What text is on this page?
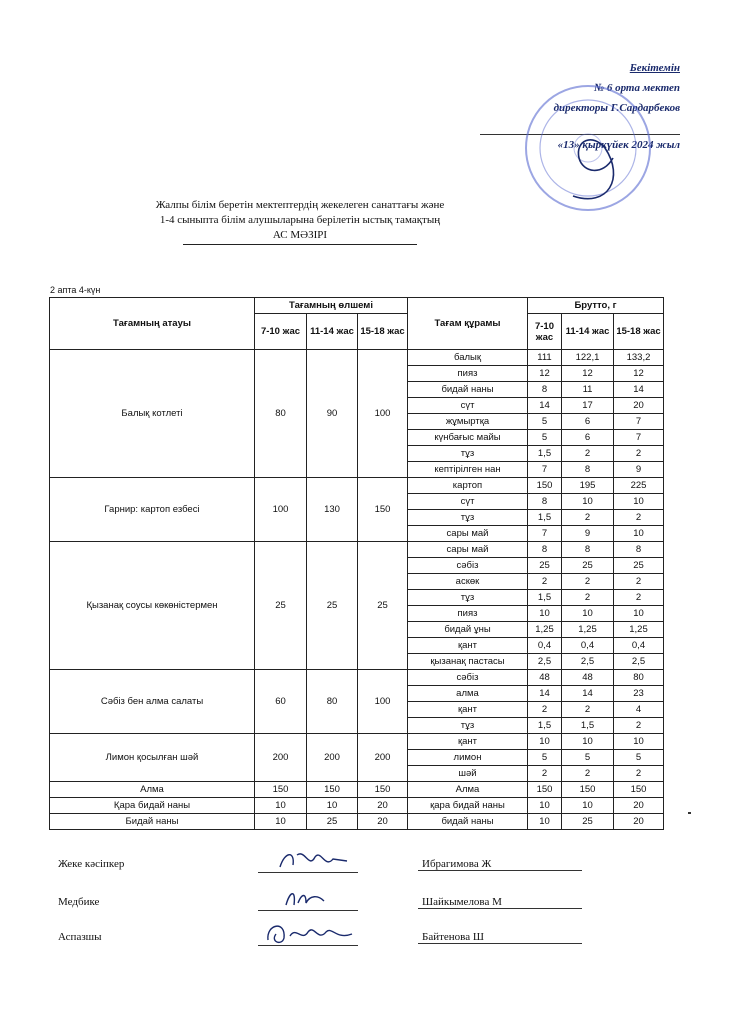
Бекітемін
№ 6 орта мектеп
директоры Г.Сардарбеков
«13» қыркүйек 2024 жыл
Жалпы білім беретін мектептердің жекелеген санаттағы және
1-4 сыныпта білім алушыларына берілетін ыстық тамақтың
АС МӘЗІРІ
2 апта 4-күн
Тағамның атауы	Тағамның өлшемі			Тағам құрамы	Брутто, г		
	7-10 жас	11-14 жас	15-18 жас		7-10 жас	11-14 жас	15-18 жас
Балық котлеті	80	90	100	балық	111	122,1	133,2
				пияз	12	12	12
				бидай наны	8	11	14
				сүт	14	17	20
				жұмыртқа	5	6	7
				күнбағыс майы	5	6	7
				тұз	1,5	2	2
				кептірілген нан	7	8	9
Гарнир: картоп езбесі	100	130	150	картоп	150	195	225
				сүт	8	10	10
				тұз	1,5	2	2
				сары май	7	9	10
Қызанақ соусы көкөністермен	25	25	25	сары май	8	8	8
				сәбіз	25	25	25
				аскөк	2	2	2
				тұз	1,5	2	2
				пияз	10	10	10
				бидай ұны	1,25	1,25	1,25
				қант	0,4	0,4	0,4
				қызанақ пастасы	2,5	2,5	2,5
Сәбіз бен алма салаты	60	80	100	сәбіз	48	48	80
				алма	14	14	23
				қант	2	2	4
				тұз	1,5	1,5	2
Лимон қосылған шәй	200	200	200	қант	10	10	10
				лимон	5	5	5
				шәй	2	2	2
Алма	150	150	150	Алма	150	150	150
Қара бидай наны	10	10	20	қара бидай наны	10	10	20
Бидай наны	10	25	20	бидай наны	10	25	20
Жеке кәсіпкер	Ибрагимова Ж
Медбике	Шайкымелова М
Аспазшы	Байтенова Ш
